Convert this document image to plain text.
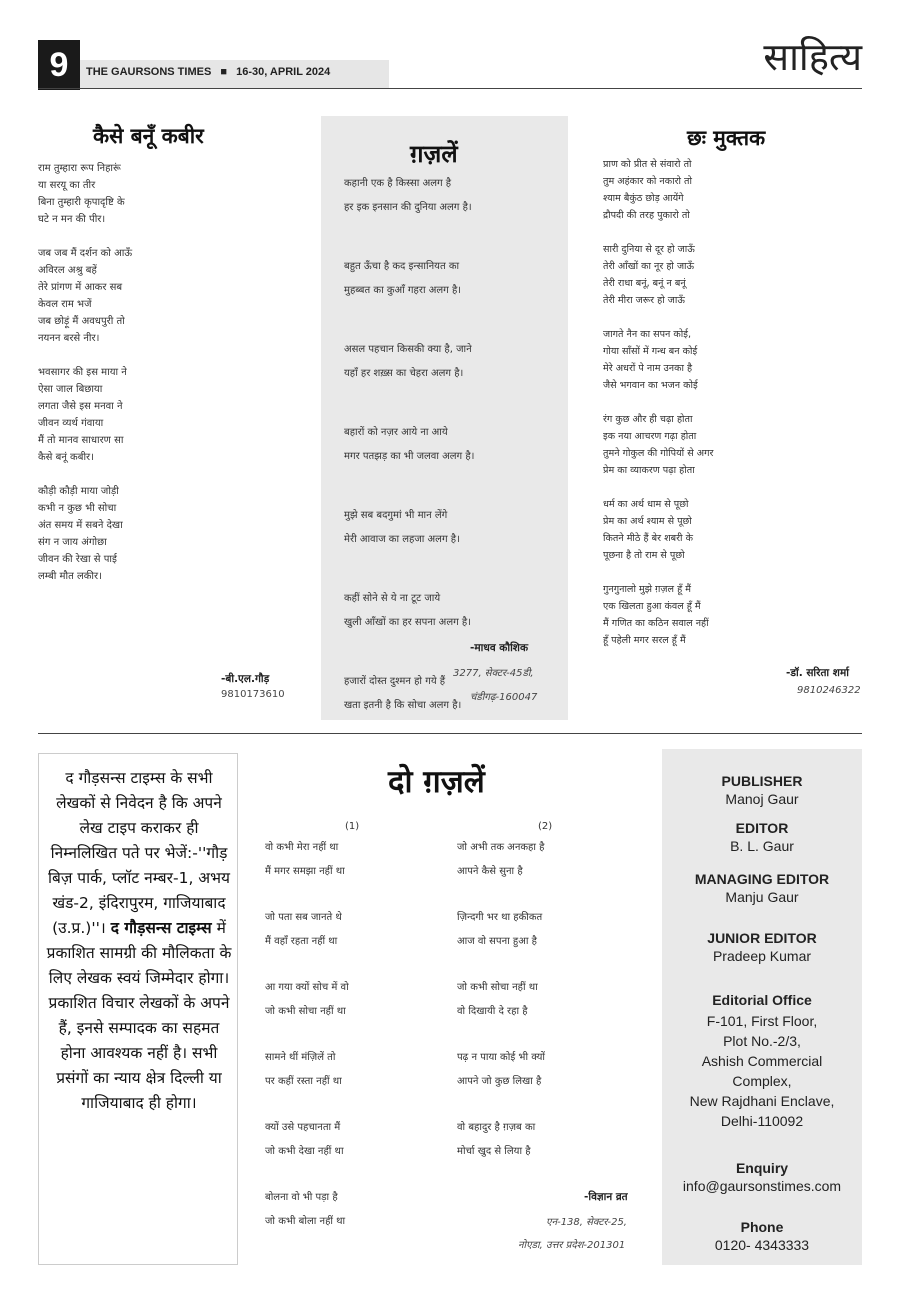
9	THE GAURSONS TIMES ■ 16-30, APRIL 2024	साहित्य
कैसे बनूँ कबीर
राम तुम्हारा रूप निहारूं
या सरयू का तीर
बिना तुम्हारी कृपादृष्टि के
घटे न मन की पीर।
जब जब मैं दर्शन को आऊँ
अविरल अश्रु बहें
तेरे प्रांगण में आकर सब
केवल राम भजें
जब छोड़ूं मैं अवधपुरी तो
नयनन बरसे नीर।
भवसागर की इस माया ने
ऐसा जाल बिछाया
लगता जैसे इस मनवा ने
जीवन व्यर्थ गंवाया
मैं तो मानव साधारण सा
कैसे बनूं कबीर।
कौड़ी कौड़ी माया जोड़ी
कभी न कुछ भी सोचा
अंत समय में सबने देखा
संग न जाय अंगोछा
जीवन की रेखा से पाई
लम्बी मौत लकीर।
-बी.एल.गौड़
9810173610
ग़ज़लें
कहानी एक है किस्सा अलग है
हर इक इनसान की दुनिया अलग है।
बहुत ऊँचा है कद इन्सानियत का
मुहब्बत का कुआँ गहरा अलग है।
असल पहचान किसकी क्या है, जाने
यहाँ हर शख़्स का चेहरा अलग है।
बहारों को नज़र आये ना आये
मगर पतझड़ का भी जलवा अलग है।
मुझे सब बदगुमां भी मान लेंगे
मेरी आवाज का लहजा अलग है।
कहीं सोने से ये ना टूट जाये
खुली आँखों का हर सपना अलग है।
हजारों दोस्त दुश्मन हो गये हैं
खता इतनी है कि सोचा अलग है।
-माधव कौशिक
3277, सेक्टर-45डी,
चंडीगढ़-160047
छः मुक्तक
प्राण को प्रीत से संवारो तो
तुम अहंकार को नकारो तो
श्याम बैकुंठ छोड़ आयेंगे
द्रौपदी की तरह पुकारो तो
सारी दुनिया से दूर हो जाऊँ
तेरी आँखों का नूर हो जाऊँ
तेरी राधा बनूं, बनूं न बनूं
तेरी मीरा जरूर हो जाऊँ
जागते नैन का सपन कोई,
गोया साँसों में गन्ध बन कोई
मेरे अधरों पे नाम उनका है
जैसे भगवान का भजन कोई
रंग कुछ और ही चढ़ा होता
इक नया आचरण गढ़ा होता
तुमने गोकुल की गोपियों से अगर
प्रेम का व्याकरण पढ़ा होता
धर्म का अर्थ धाम से पूछो
प्रेम का अर्थ श्याम से पूछो
कितने मीठे हैं बेर शबरी के
पूछना है तो राम से पूछो
गुनगुनालो मुझे ग़ज़ल हूँ मैं
एक खिलता हुआ कंवल हूँ मैं
मैं गणित का कठिन सवाल नहीं
हूँ पहेली मगर सरल हूँ मैं
-डॉ. सरिता शर्मा
9810246322
द गौड़सन्स टाइम्स के सभी लेखकों से निवेदन है कि अपने लेख टाइप कराकर ही निम्नलिखित पते पर भेजें:-''गौड़ बिज़ पार्क, प्लॉट नम्बर-1, अभय खंड-2, इंदिरापुरम, गाजियाबाद (उ.प्र.)''। द गौड़सन्स टाइम्स में प्रकाशित सामग्री की मौलिकता के लिए लेखक स्वयं जिम्मेदार होगा। प्रकाशित विचार लेखकों के अपने हैं, इनसे सम्पादक का सहमत होना आवश्यक नहीं है। सभी प्रसंगों का न्याय क्षेत्र दिल्ली या गाजियाबाद ही होगा।
दो ग़ज़लें
(1)	(2)
वो कभी मेरा नहीं था
मैं मगर समझा नहीं था
जो पता सब जानते थे
मैं वहाँ रहता नहीं था
आ गया क्यों सोच में वो
जो कभी सोचा नहीं था
सामने थीं मंज़िलें तो
पर कहीं रस्ता नहीं था
क्यों उसे पहचानता मैं
जो कभी देखा नहीं था
बोलना वो भी पड़ा है
जो कभी बोला नहीं था
जो अभी तक अनकहा है
आपने कैसे सुना है
ज़िन्दगी भर था हकीकत
आज वो सपना हुआ है
जो कभी सोचा नहीं था
वो दिखायी दे रहा है
पढ़ न पाया कोई भी क्यों
आपने जो कुछ लिखा है
वो बहादुर है ग़ज़ब का
मोर्चा खुद से लिया है
-विज्ञान व्रत
एन-138, सेक्टर-25,
नोएडा, उत्तर प्रदेश-201301
PUBLISHER
Manoj Gaur
EDITOR
B. L. Gaur
MANAGING EDITOR
Manju Gaur
JUNIOR EDITOR
Pradeep Kumar
Editorial Office
F-101, First Floor,
Plot No.-2/3,
Ashish Commercial
Complex,
New Rajdhani Enclave,
Delhi-110092
Enquiry
info@gaursonstimes.com
Phone
0120- 4343333
